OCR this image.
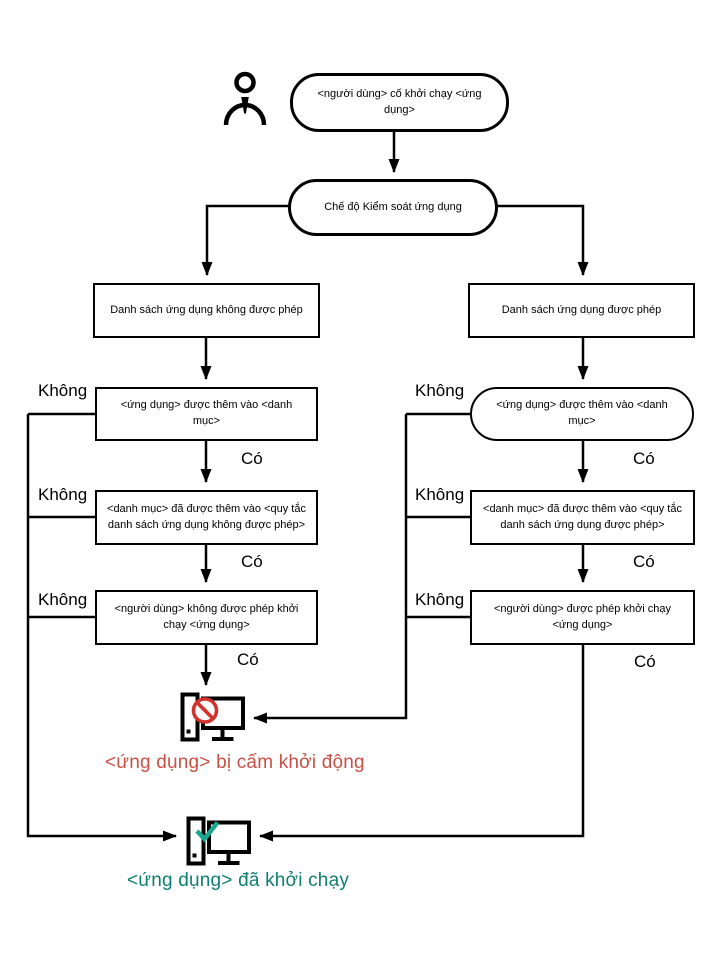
<người dùng> cố khởi chạy <ứng dụng>
Chế độ Kiểm soát ứng dụng
Danh sách ứng dụng không được phép	Danh sách ứng dụng được phép
<ứng dụng> được thêm vào <danh mục>
<ứng dụng> được thêm vào <danh mục>
<danh mục> đã được thêm vào <quy tắc danh sách ứng dụng không được phép>
<danh mục> đã được thêm vào <quy tắc danh sách ứng dụng được phép>
<người dùng> không được phép khởi chạy <ứng dụng>
<người dùng> được phép khởi chạy <ứng dụng>
Không
Không
Không
Không
Không
Không
Có
Có
Có
Có
Có
Có
<ứng dụng> bị cấm khởi động
<ứng dụng> đã khởi chạy
